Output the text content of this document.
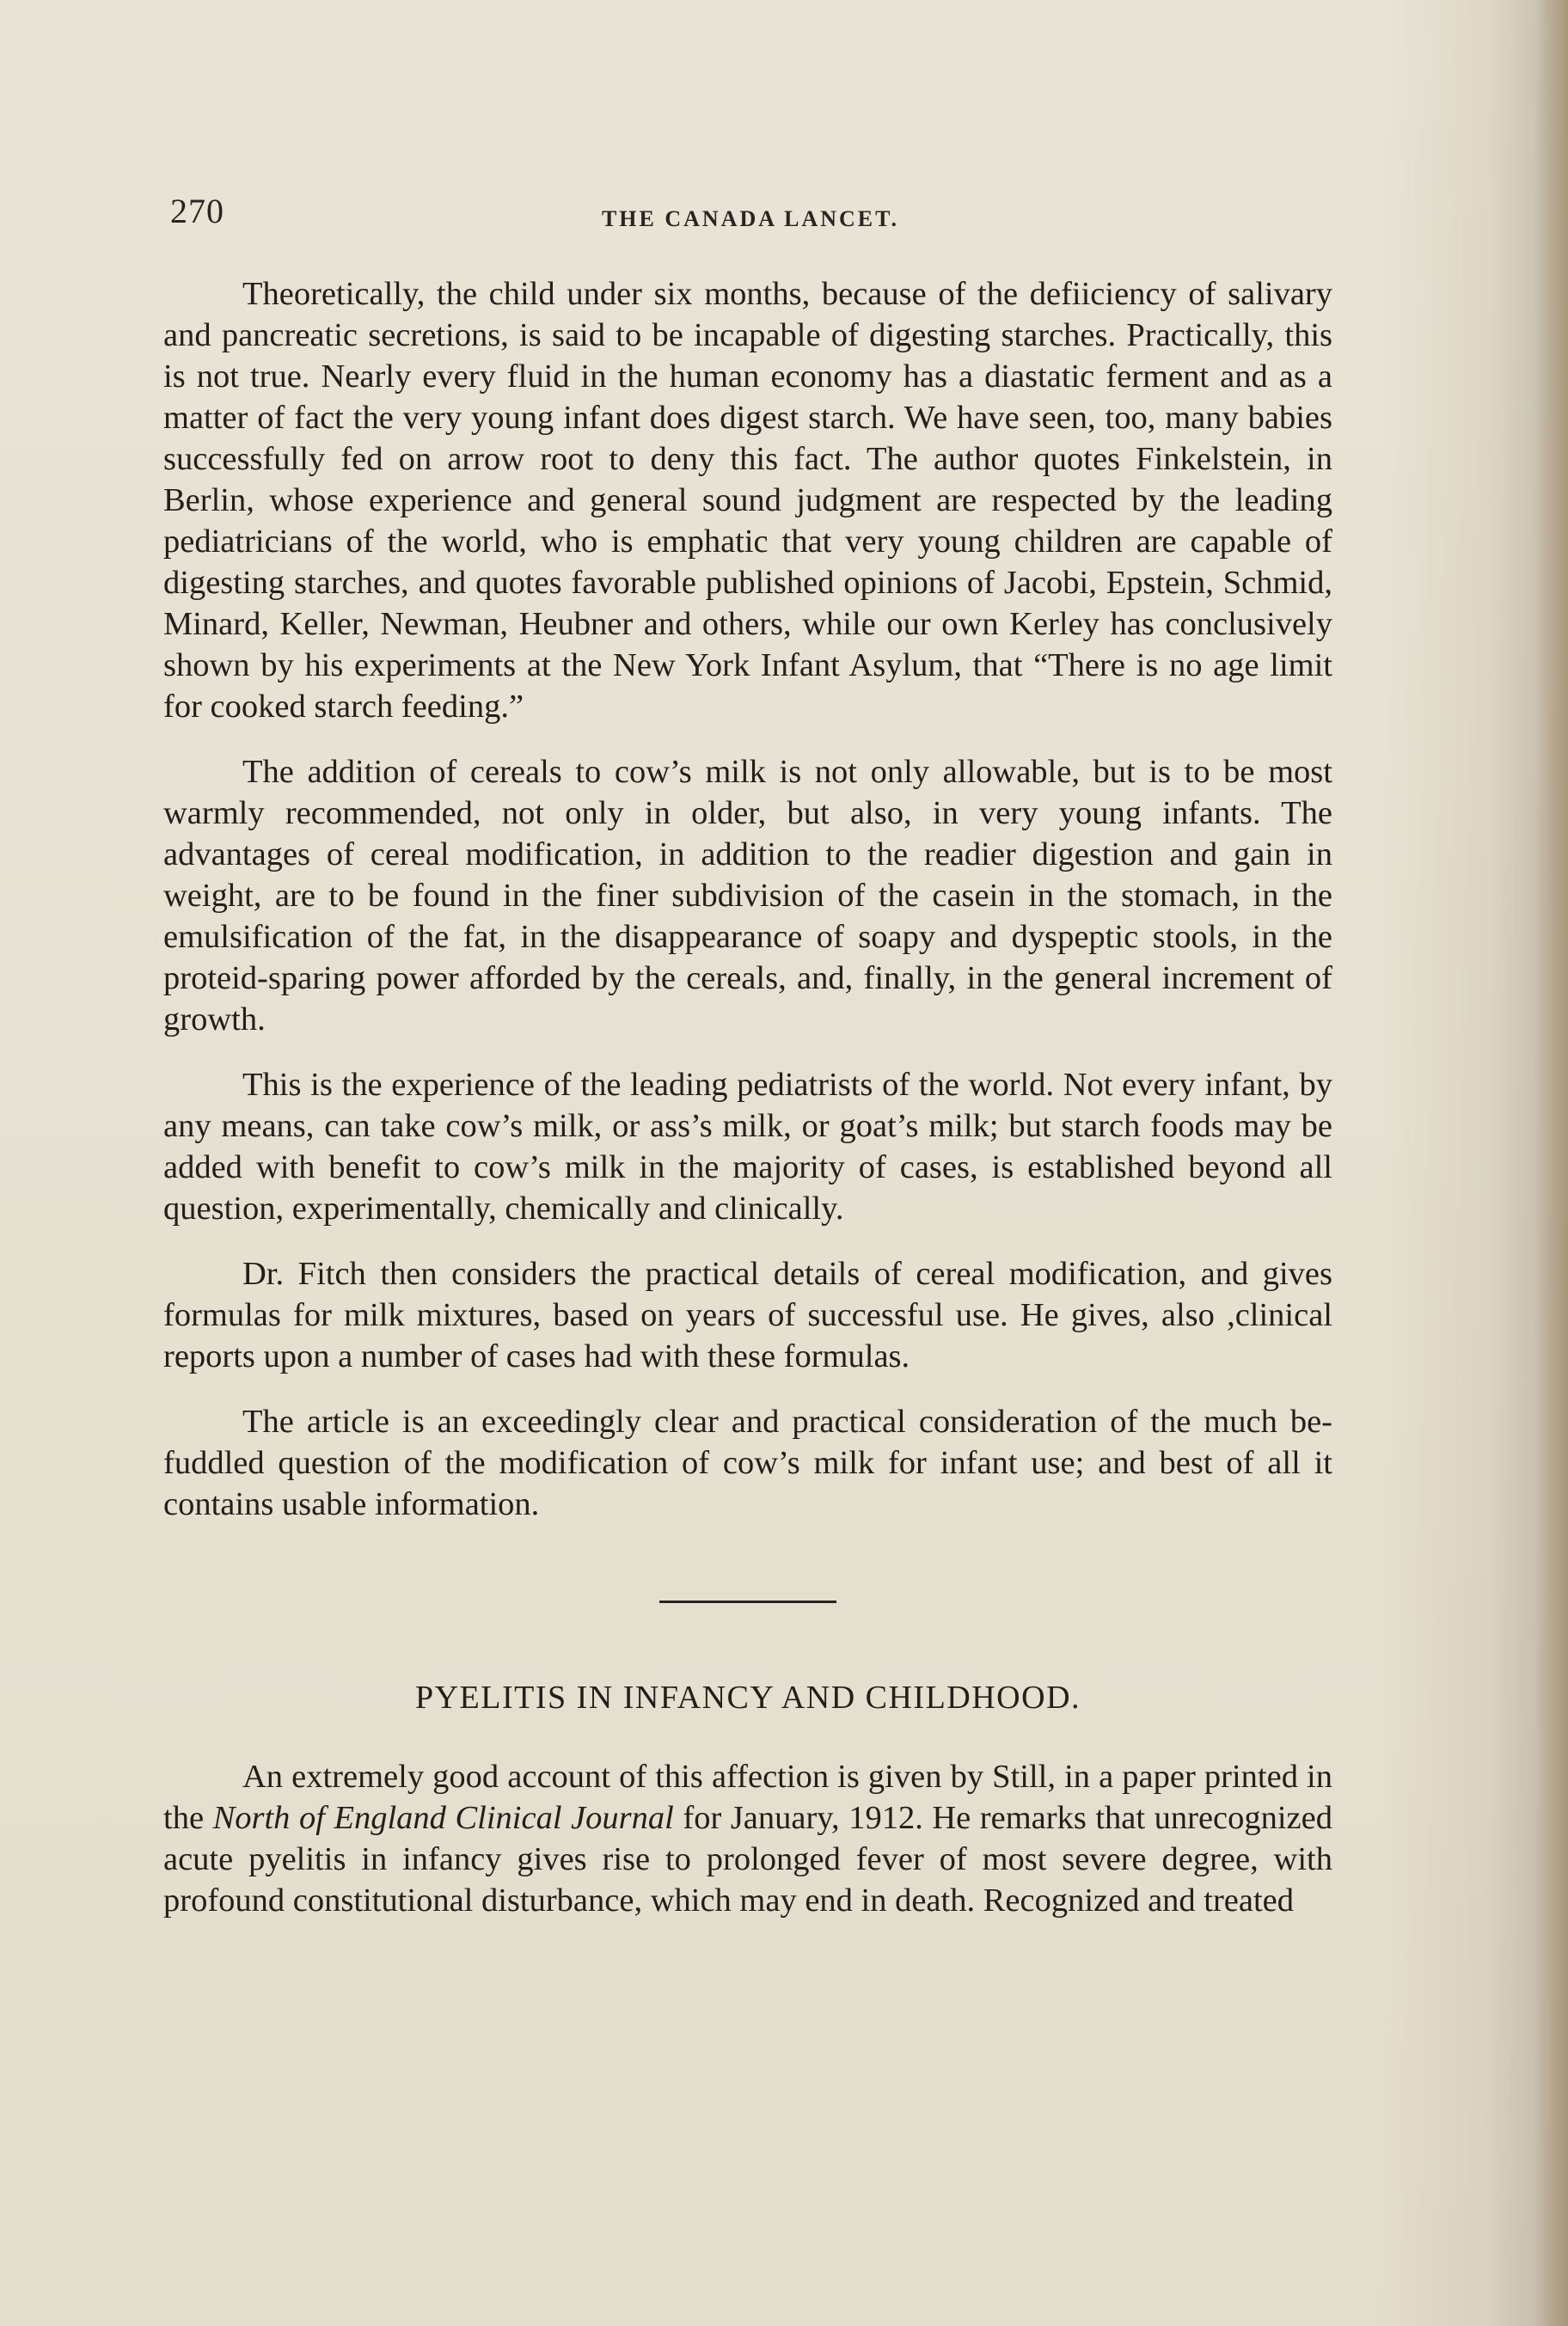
270	THE CANADA LANCET.

Theoretically, the child under six months, because of the defiiciency of salivary and pancreatic secretions, is said to be incapable of digesting starches. Practically, this is not true. Nearly every fluid in the human economy has a diastatic ferment and as a matter of fact the very young infant does digest starch. We have seen, too, many babies successfully fed on arrow root to deny this fact. The author quotes Finkelstein, in Berlin, whose experience and general sound judgment are respected by the leading pediatricians of the world, who is emphatic that very young children are capable of digesting starches, and quotes favorable published opinions of Jacobi, Epstein, Schmid, Minard, Keller, Newman, Heubner and others, while our own Kerley has conclusively shown by his experiments at the New York Infant Asylum, that “There is no age limit for cooked starch feeding.”

The addition of cereals to cow’s milk is not only allowable, but is to be most warmly recommended, not only in older, but also, in very young infants. The advantages of cereal modification, in addition to the readier digestion and gain in weight, are to be found in the finer subdivision of the casein in the stomach, in the emulsification of the fat, in the disappearance of soapy and dyspeptic stools, in the proteid-sparing power afforded by the cereals, and, finally, in the general increment of growth.

This is the experience of the leading pediatrists of the world. Not every infant, by any means, can take cow’s milk, or ass’s milk, or goat’s milk; but starch foods may be added with benefit to cow’s milk in the majority of cases, is established beyond all question, experimentally, chemically and clinically.

Dr. Fitch then considers the practical details of cereal modification, and gives formulas for milk mixtures, based on years of successful use. He gives, also ,clinical reports upon a number of cases had with these formulas.

The article is an exceedingly clear and practical consideration of the much be-fuddled question of the modification of cow’s milk for infant use; and best of all it contains usable information.

PYELITIS IN INFANCY AND CHILDHOOD.

An extremely good account of this affection is given by Still, in a paper printed in the North of England Clinical Journal for January, 1912. He remarks that unrecognized acute pyelitis in infancy gives rise to prolonged fever of most severe degree, with profound constitutional disturbance, which may end in death. Recognized and treated
